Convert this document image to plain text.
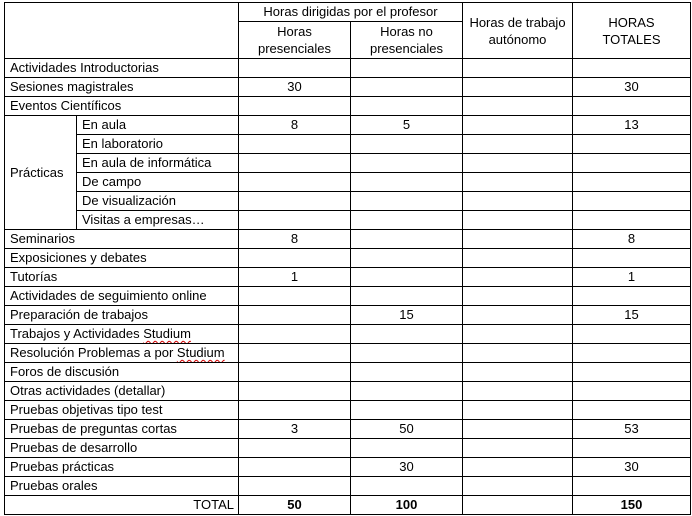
		Horas dirigidas por el profesor		Horas de trabajo autónomo	HORAS TOTALES
		Horas presenciales	Horas no presenciales		
Actividades Introductorias					
Sesiones magistrales		30			30
Eventos Científicos					
Prácticas	En aula	8	5		13
	En laboratorio				
	En aula de informática				
	De campo				
	De visualización				
	Visitas a empresas…				
Seminarios		8			8
Exposiciones y debates					
Tutorías		1			1
Actividades de seguimiento online					
Preparación de trabajos			15		15
Trabajos y Actividades Studium					
Resolución Problemas a por Studium					
Foros de discusión					
Otras actividades (detallar)					
Pruebas objetivas tipo test					
Pruebas de preguntas cortas		3	50		53
Pruebas de desarrollo					
Pruebas prácticas			30		30
Pruebas orales					
TOTAL		50	100		150
